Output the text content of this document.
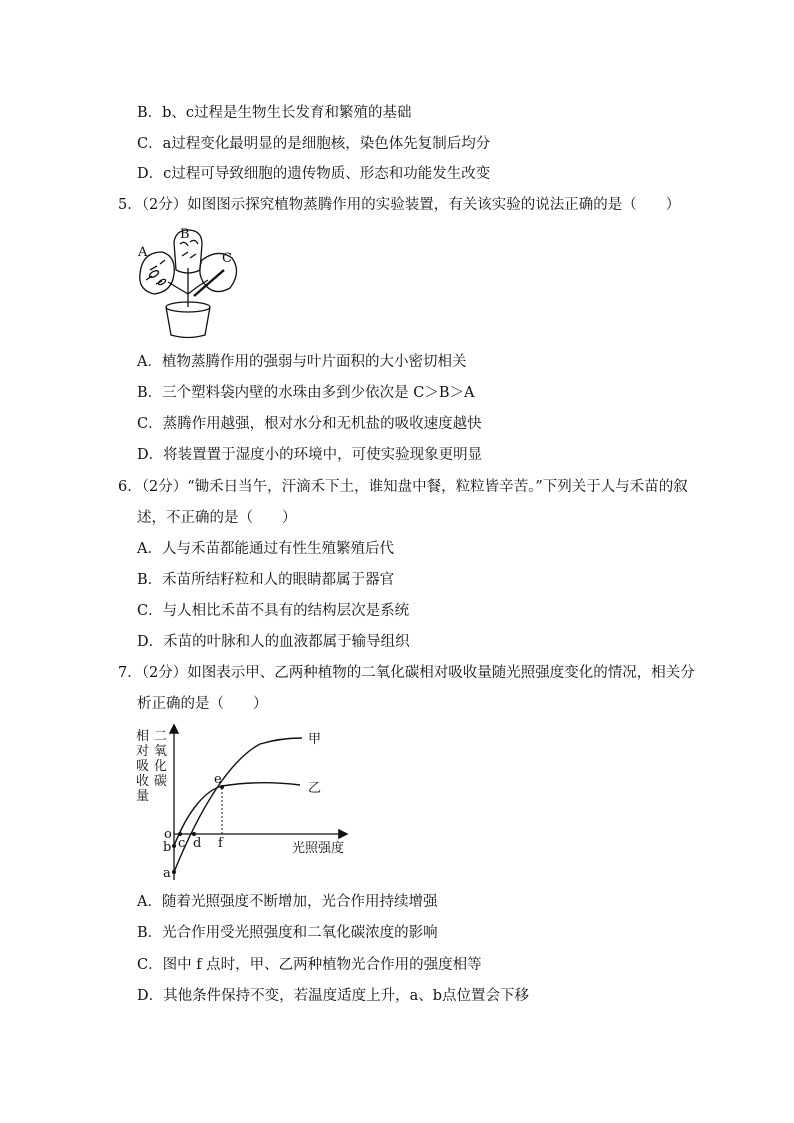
B．b、c过程是生物生长发育和繁殖的基础
C．a过程变化最明显的是细胞核，染色体先复制后均分
D．c过程可导致细胞的遗传物质、形态和功能发生改变
5．（2分）如图图示探究植物蒸腾作用的实验装置，有关该实验的说法正确的是（　　）
A
B
C
A．植物蒸腾作用的强弱与叶片面积的大小密切相关
B．三个塑料袋内壁的水珠由多到少依次是 C＞B＞A
C．蒸腾作用越强，根对水分和无机盐的吸收速度越快
D．将装置置于湿度小的环境中，可使实验现象更明显
6．（2分）“锄禾日当午，汗滴禾下土，谁知盘中餐，粒粒皆辛苦。”下列关于人与禾苗的叙
述，不正确的是（　　）
A．人与禾苗都能通过有性生殖繁殖后代
B．禾苗所结籽粒和人的眼睛都属于器官
C．与人相比禾苗不具有的结构层次是系统
D．禾苗的叶脉和人的血液都属于输导组织
7．（2分）如图表示甲、乙两种植物的二氧化碳相对吸收量随光照强度变化的情况，相关分
析正确的是（　　）
相
对
吸
收
量
二
氧
化
碳
甲
乙
e
o
b
a
c d f	光照强度
A．随着光照强度不断增加，光合作用持续增强
B．光合作用受光照强度和二氧化碳浓度的影响
C．图中 f 点时，甲、乙两种植物光合作用的强度相等
D．其他条件保持不变，若温度适度上升，a、b点位置会下移
